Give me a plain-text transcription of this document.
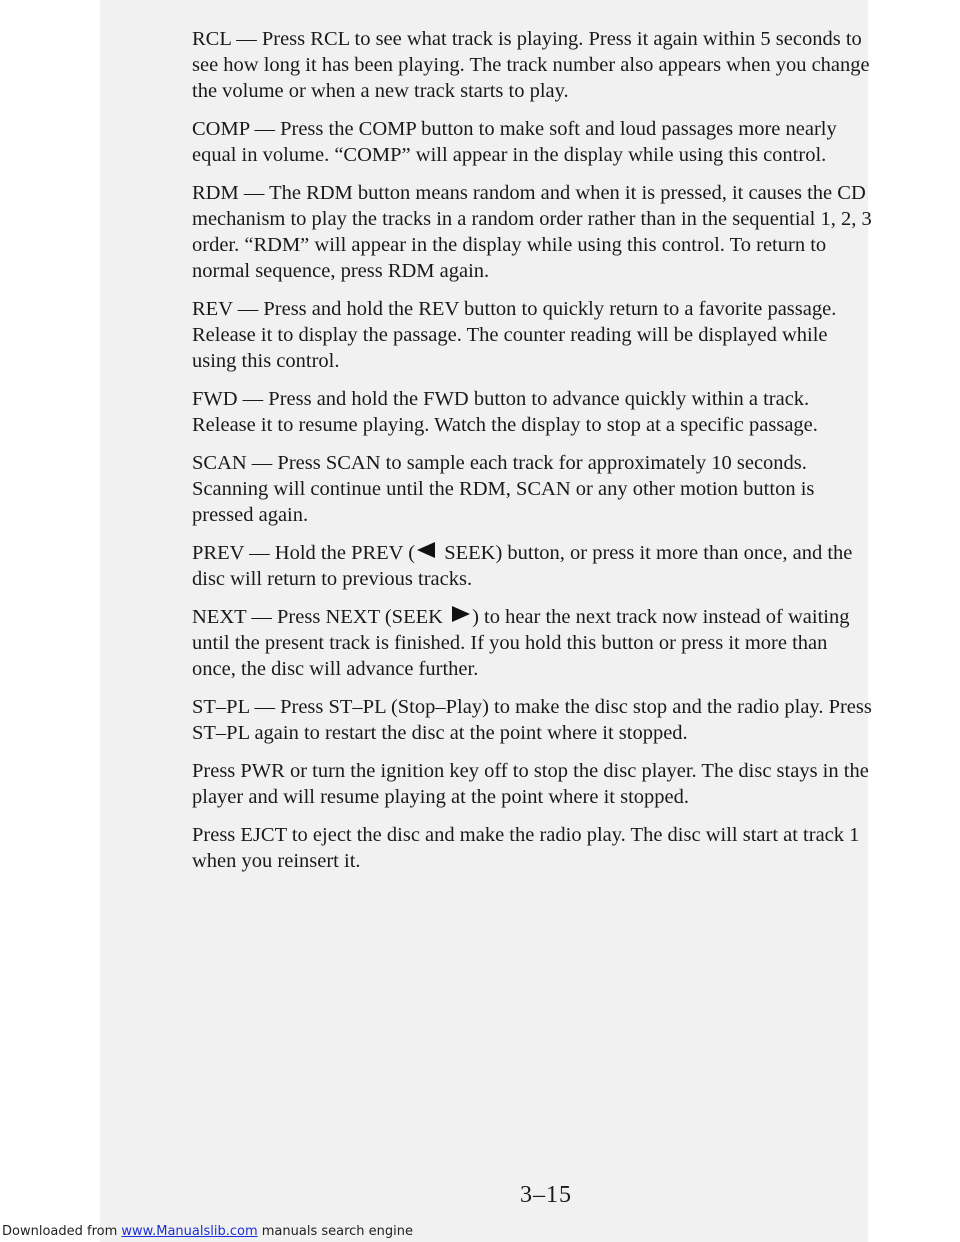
RCL — Press RCL to see what track is playing. Press it again within 5 seconds to see how long it has been playing. The track number also appears when you change the volume or when a new track starts to play.

COMP — Press the COMP button to make soft and loud passages more nearly equal in volume. “COMP” will appear in the display while using this control.

RDM — The RDM button means random and when it is pressed, it causes the CD mechanism to play the tracks in a random order rather than in the sequential 1, 2, 3 order. “RDM” will appear in the display while using this control. To return to normal sequence, press RDM again.

REV — Press and hold the REV button to quickly return to a favorite passage. Release it to display the passage. The counter reading will be displayed while using this control.

FWD — Press and hold the FWD button to advance quickly within a track. Release it to resume playing. Watch the display to stop at a specific passage.

SCAN — Press SCAN to sample each track for approximately 10 seconds. Scanning will continue until the RDM, SCAN or any other motion button is pressed again.

PREV — Hold the PREV ( SEEK) button, or press it more than once, and the disc will return to previous tracks.

NEXT — Press NEXT (SEEK ) to hear the next track now instead of waiting until the present track is finished. If you hold this button or press it more than once, the disc will advance further.

ST–PL — Press ST–PL (Stop–Play) to make the disc stop and the radio play. Press ST–PL again to restart the disc at the point where it stopped.

Press PWR or turn the ignition key off to stop the disc player. The disc stays in the player and will resume playing at the point where it stopped.

Press EJCT to eject the disc and make the radio play. The disc will start at track 1 when you reinsert it.

3–15
Downloaded from www.Manualslib.com manuals search engine
